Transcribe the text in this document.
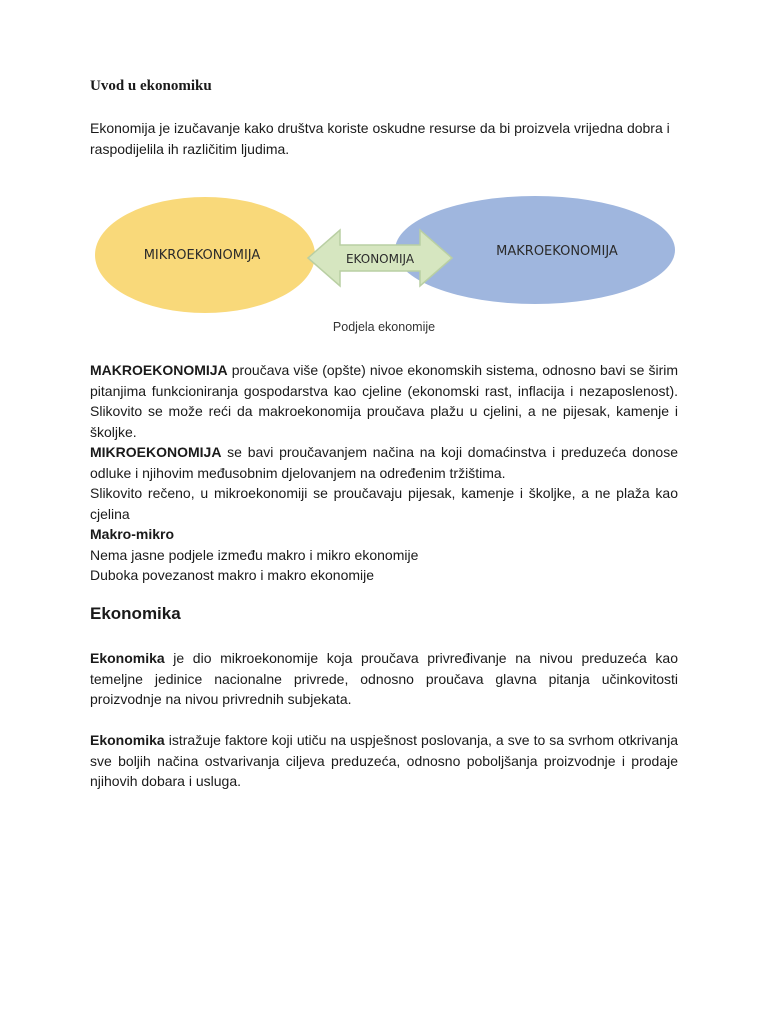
Uvod u ekonomiku

Ekonomija je izučavanje kako društva koriste oskudne resurse da bi proizvela vrijedna dobra i raspodijelila ih različitim ljudima.

MIKROEKONOMIJA	MAKROEKONOMIJA
EKONOMIJA
Podjela ekonomije

MAKROEKONOMIJA proučava više (opšte) nivoe ekonomskih sistema, odnosno bavi se širim pitanjima funkcioniranja gospodarstva kao cjeline (ekonomski rast, inflacija i nezaposlenost). Slikovito se može reći da makroekonomija proučava plažu u cjelini, a ne pijesak, kamenje i školjke.

MIKROEKONOMIJA se bavi proučavanjem načina na koji domaćinstva i preduzeća donose odluke i njihovim međusobnim djelovanjem na određenim tržištima.

Slikovito rečeno, u mikroekonomiji se proučavaju pijesak, kamenje i školjke, a ne plaža kao cjelina

Makro-mikro

Nema jasne podjele između makro i mikro ekonomije

Duboka povezanost makro i makro ekonomije

Ekonomika

Ekonomika je dio mikroekonomije koja proučava privređivanje na nivou preduzeća kao temeljne jedinice nacionalne privrede, odnosno proučava glavna pitanja učinkovitosti proizvodnje na nivou privrednih subjekata.

Ekonomika istražuje faktore koji utiču na uspješnost poslovanja, a sve to sa svrhom otkrivanja sve boljih načina ostvarivanja ciljeva preduzeća, odnosno poboljšanja proizvodnje i prodaje njihovih dobara i usluga.
